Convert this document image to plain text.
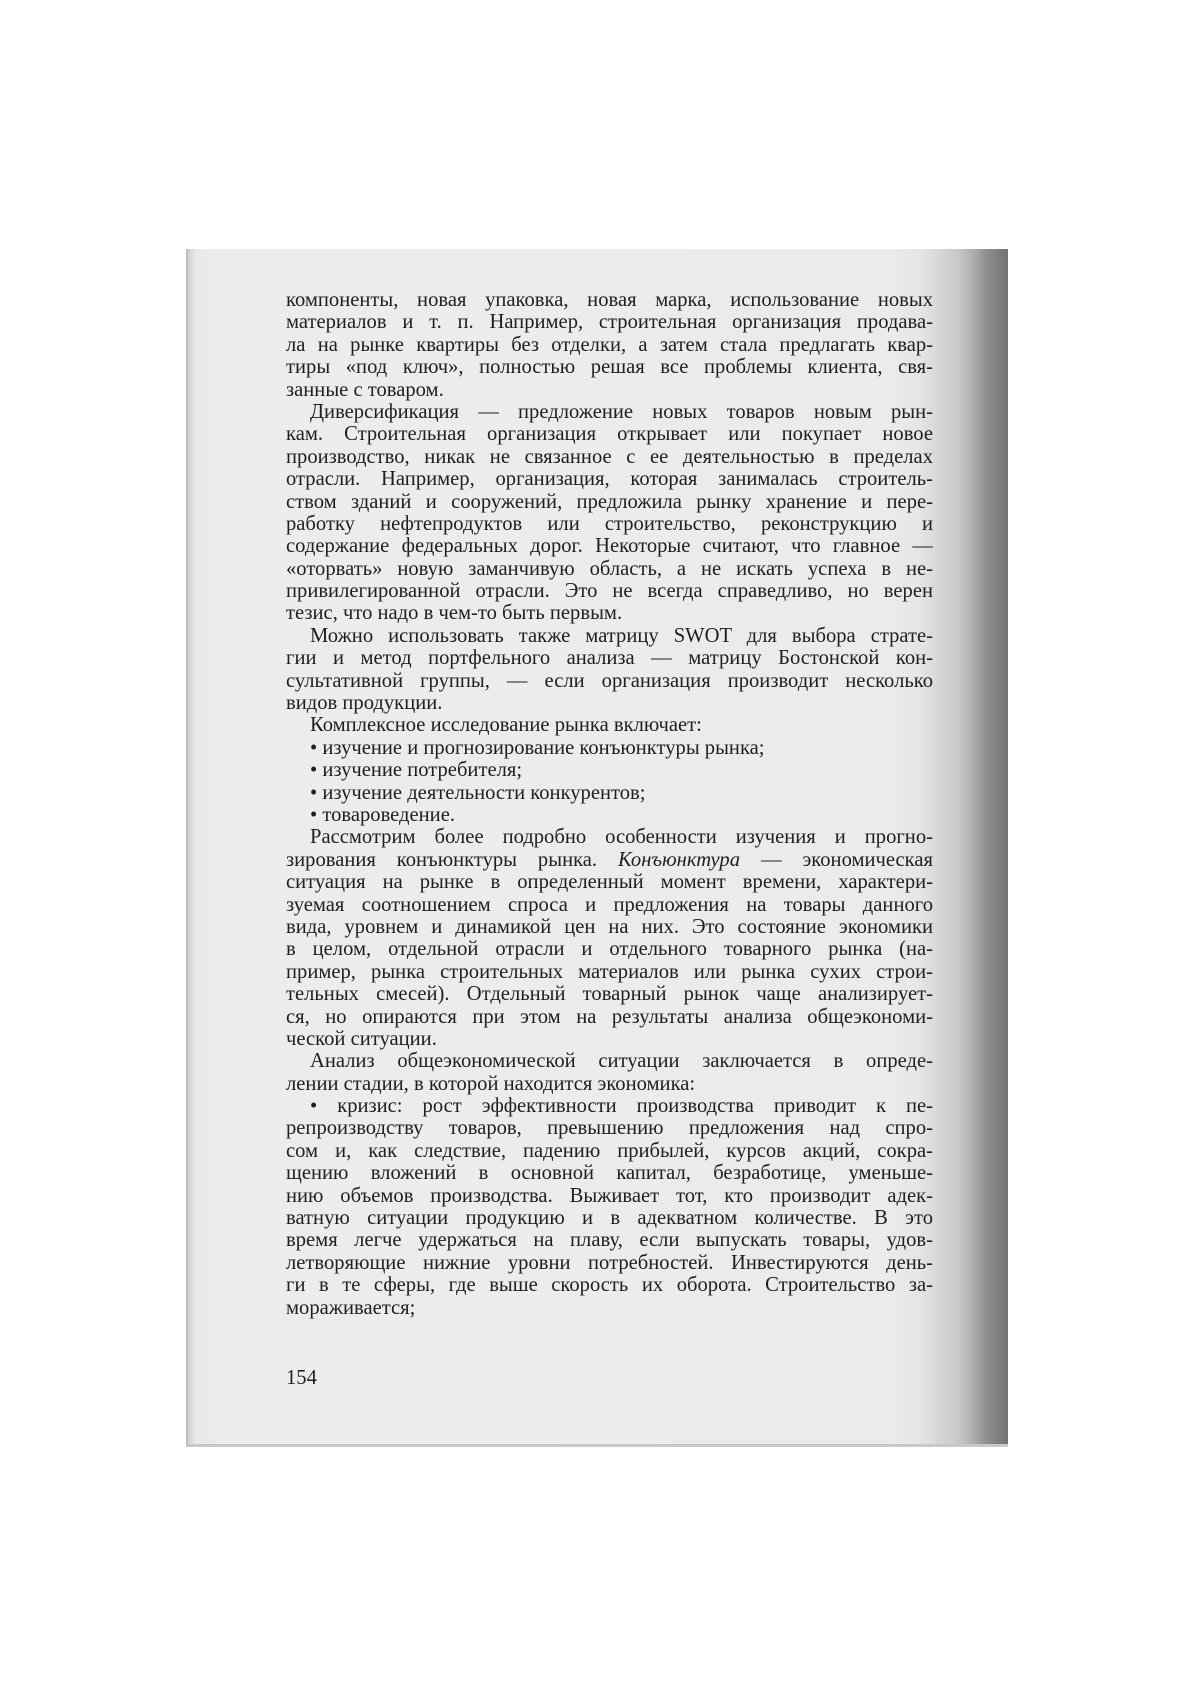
компоненты, новая упаковка, новая марка, использование новых
материалов и т. п. Например, строительная организация продава-
ла на рынке квартиры без отделки, а затем стала предлагать квар-
тиры «под ключ», полностью решая все проблемы клиента, свя-
занные с товаром.
Диверсификация — предложение новых товаров новым рын-
кам. Строительная организация открывает или покупает новое
производство, никак не связанное с ее деятельностью в пределах
отрасли. Например, организация, которая занималась строитель-
ством зданий и сооружений, предложила рынку хранение и пере-
работку нефтепродуктов или строительство, реконструкцию и
содержание федеральных дорог. Некоторые считают, что главное —
«оторвать» новую заманчивую область, а не искать успеха в не-
привилегированной отрасли. Это не всегда справедливо, но верен
тезис, что надо в чем-то быть первым.
Можно использовать также матрицу SWOT для выбора страте-
гии и метод портфельного анализа — матрицу Бостонской кон-
сультативной группы, — если организация производит несколько
видов продукции.
Комплексное исследование рынка включает:
• изучение и прогнозирование конъюнктуры рынка;
• изучение потребителя;
• изучение деятельности конкурентов;
• товароведение.
Рассмотрим более подробно особенности изучения и прогно-
зирования конъюнктуры рынка. Конъюнктура — экономическая
ситуация на рынке в определенный момент времени, характери-
зуемая соотношением спроса и предложения на товары данного
вида, уровнем и динамикой цен на них. Это состояние экономики
в целом, отдельной отрасли и отдельного товарного рынка (на-
пример, рынка строительных материалов или рынка сухих строи-
тельных смесей). Отдельный товарный рынок чаще анализирует-
ся, но опираются при этом на результаты анализа общеэкономи-
ческой ситуации.
Анализ общеэкономической ситуации заключается в опреде-
лении стадии, в которой находится экономика:
• кризис: рост эффективности производства приводит к пе-
репроизводству товаров, превышению предложения над спро-
сом и, как следствие, падению прибылей, курсов акций, сокра-
щению вложений в основной капитал, безработице, уменьше-
нию объемов производства. Выживает тот, кто производит адек-
ватную ситуации продукцию и в адекватном количестве. В это
время легче удержаться на плаву, если выпускать товары, удов-
летворяющие нижние уровни потребностей. Инвестируются день-
ги в те сферы, где выше скорость их оборота. Строительство за-
мораживается;
154
